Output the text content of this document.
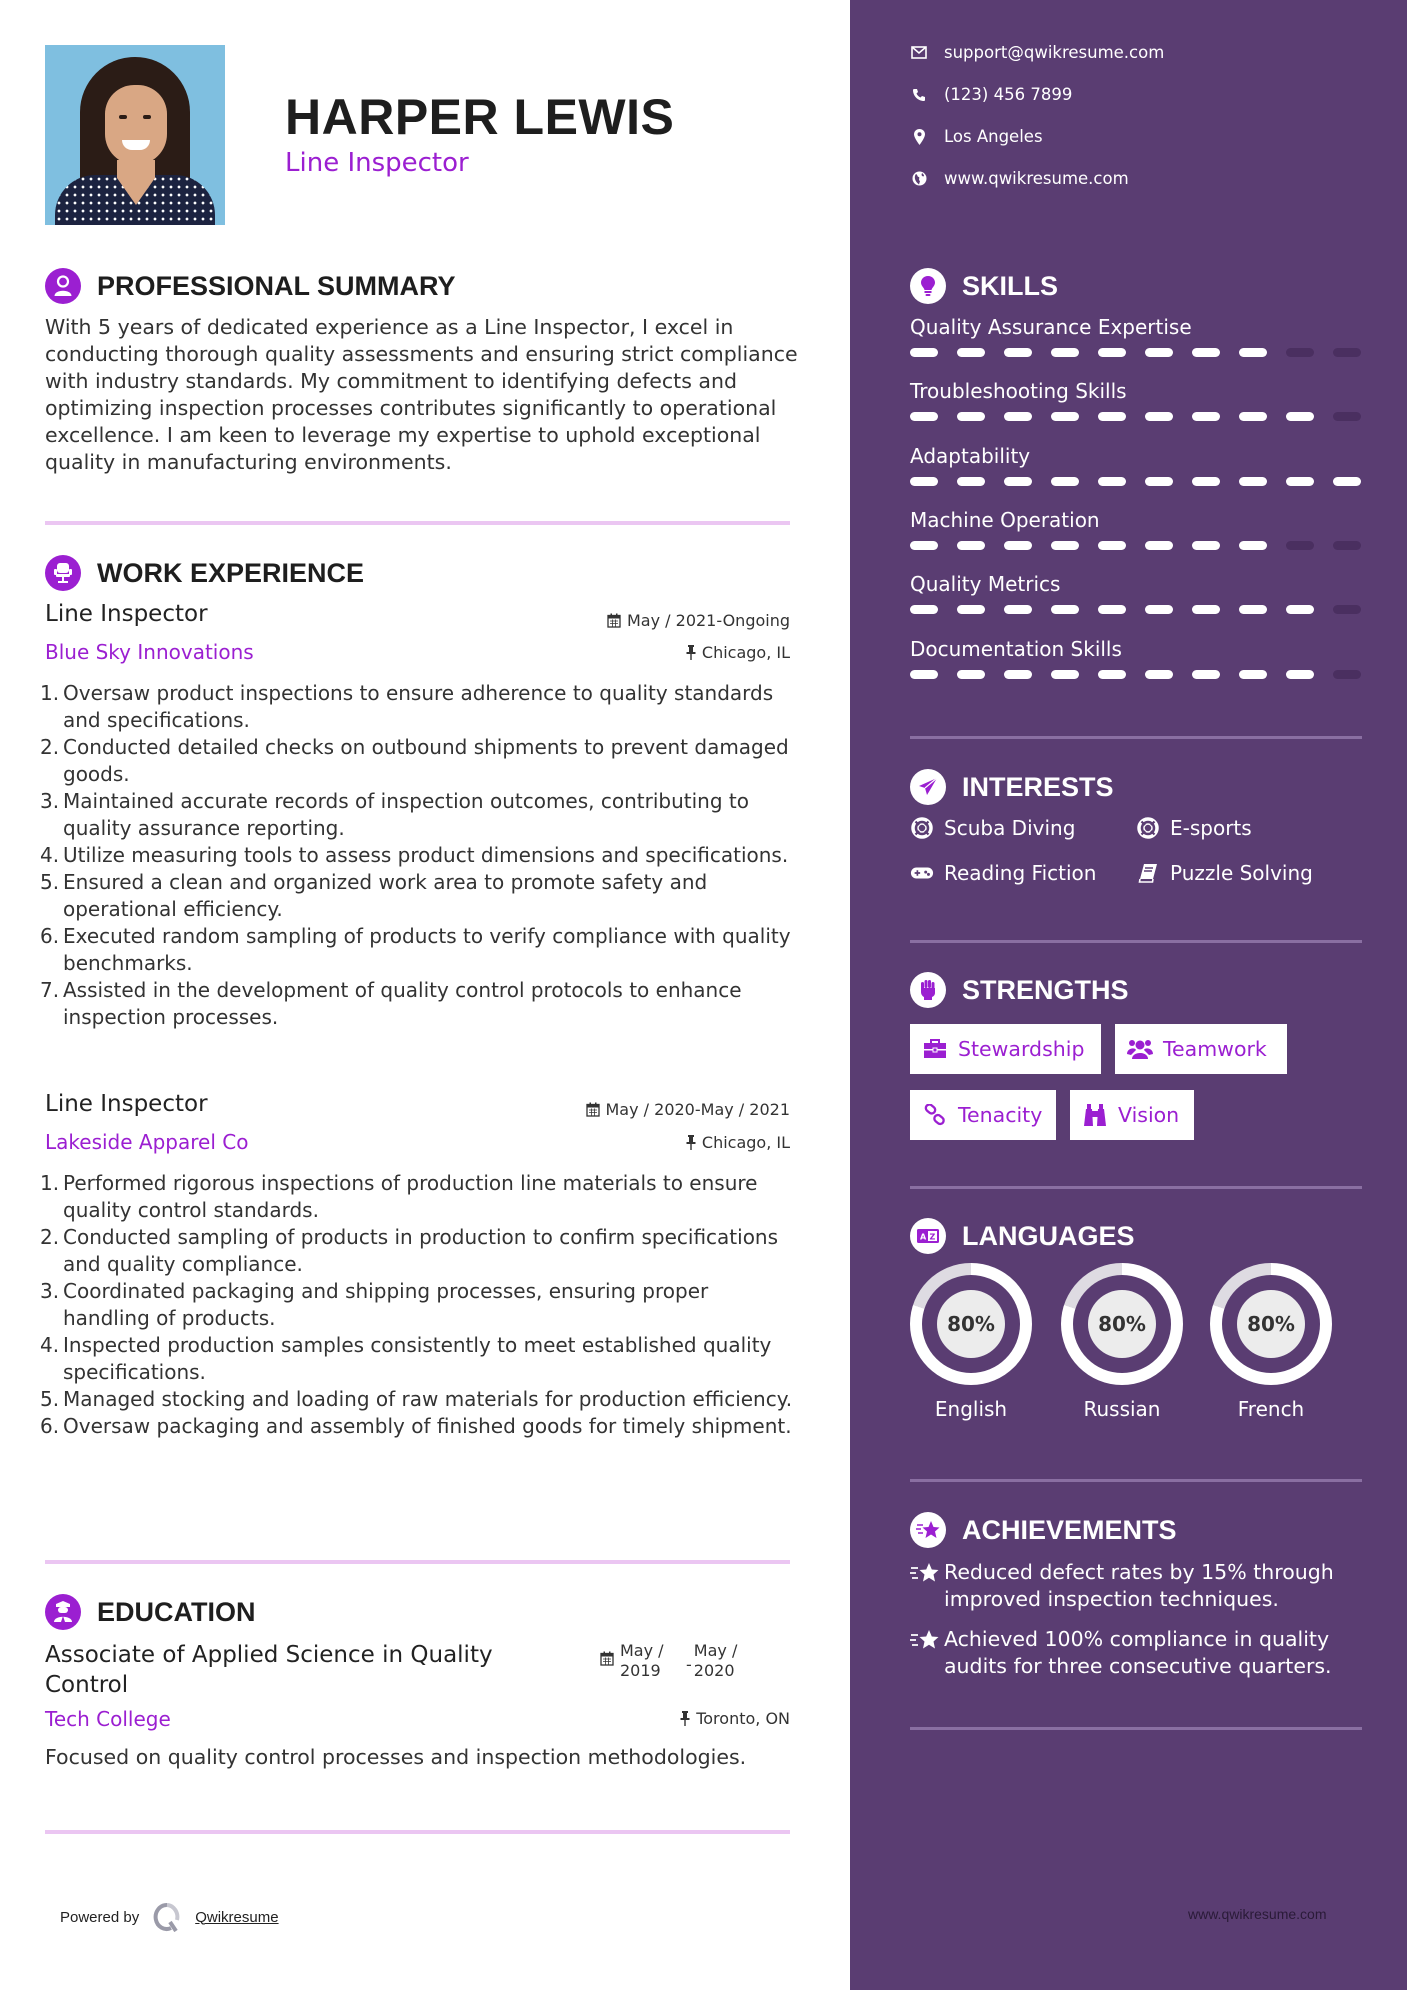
HARPER LEWIS
Line Inspector
PROFESSIONAL SUMMARY
With 5 years of dedicated experience as a Line Inspector, I excel in conducting thorough quality assessments and ensuring strict compliance with industry standards. My commitment to identifying defects and optimizing inspection processes contributes significantly to operational excellence. I am keen to leverage my expertise to uphold exceptional quality in manufacturing environments.
WORK EXPERIENCE
Line Inspector	May / 2021-Ongoing
Blue Sky Innovations	Chicago, IL
1. Oversaw product inspections to ensure adherence to quality standards and specifications.
2. Conducted detailed checks on outbound shipments to prevent damaged goods.
3. Maintained accurate records of inspection outcomes, contributing to quality assurance reporting.
4. Utilize measuring tools to assess product dimensions and specifications.
5. Ensured a clean and organized work area to promote safety and operational efficiency.
6. Executed random sampling of products to verify compliance with quality benchmarks.
7. Assisted in the development of quality control protocols to enhance inspection processes.
Line Inspector	May / 2020-May / 2021
Lakeside Apparel Co	Chicago, IL
1. Performed rigorous inspections of production line materials to ensure quality control standards.
2. Conducted sampling of products in production to confirm specifications and quality compliance.
3. Coordinated packaging and shipping processes, ensuring proper handling of products.
4. Inspected production samples consistently to meet established quality specifications.
5. Managed stocking and loading of raw materials for production efficiency.
6. Oversaw packaging and assembly of finished goods for timely shipment.
EDUCATION
Associate of Applied Science in Quality Control
May /
2019	-
May /
2020
Tech College	Toronto, ON
Focused on quality control processes and inspection methodologies.
Powered by	Qwikresume
support@qwikresume.com
(123) 456 7899
Los Angeles
www.qwikresume.com
SKILLS
Quality Assurance Expertise
Troubleshooting Skills
Adaptability
Machine Operation
Quality Metrics
Documentation Skills
INTERESTS
Scuba Diving	E-sports
Reading Fiction	Puzzle Solving
STRENGTHS
Stewardship	Teamwork
Tenacity	Vision
A Z LANGUAGES
80%
English
80%
Russian
80%
French
ACHIEVEMENTS
Reduced defect rates by 15% through improved inspection techniques.
Achieved 100% compliance in quality audits for three consecutive quarters.
www.qwikresume.com
